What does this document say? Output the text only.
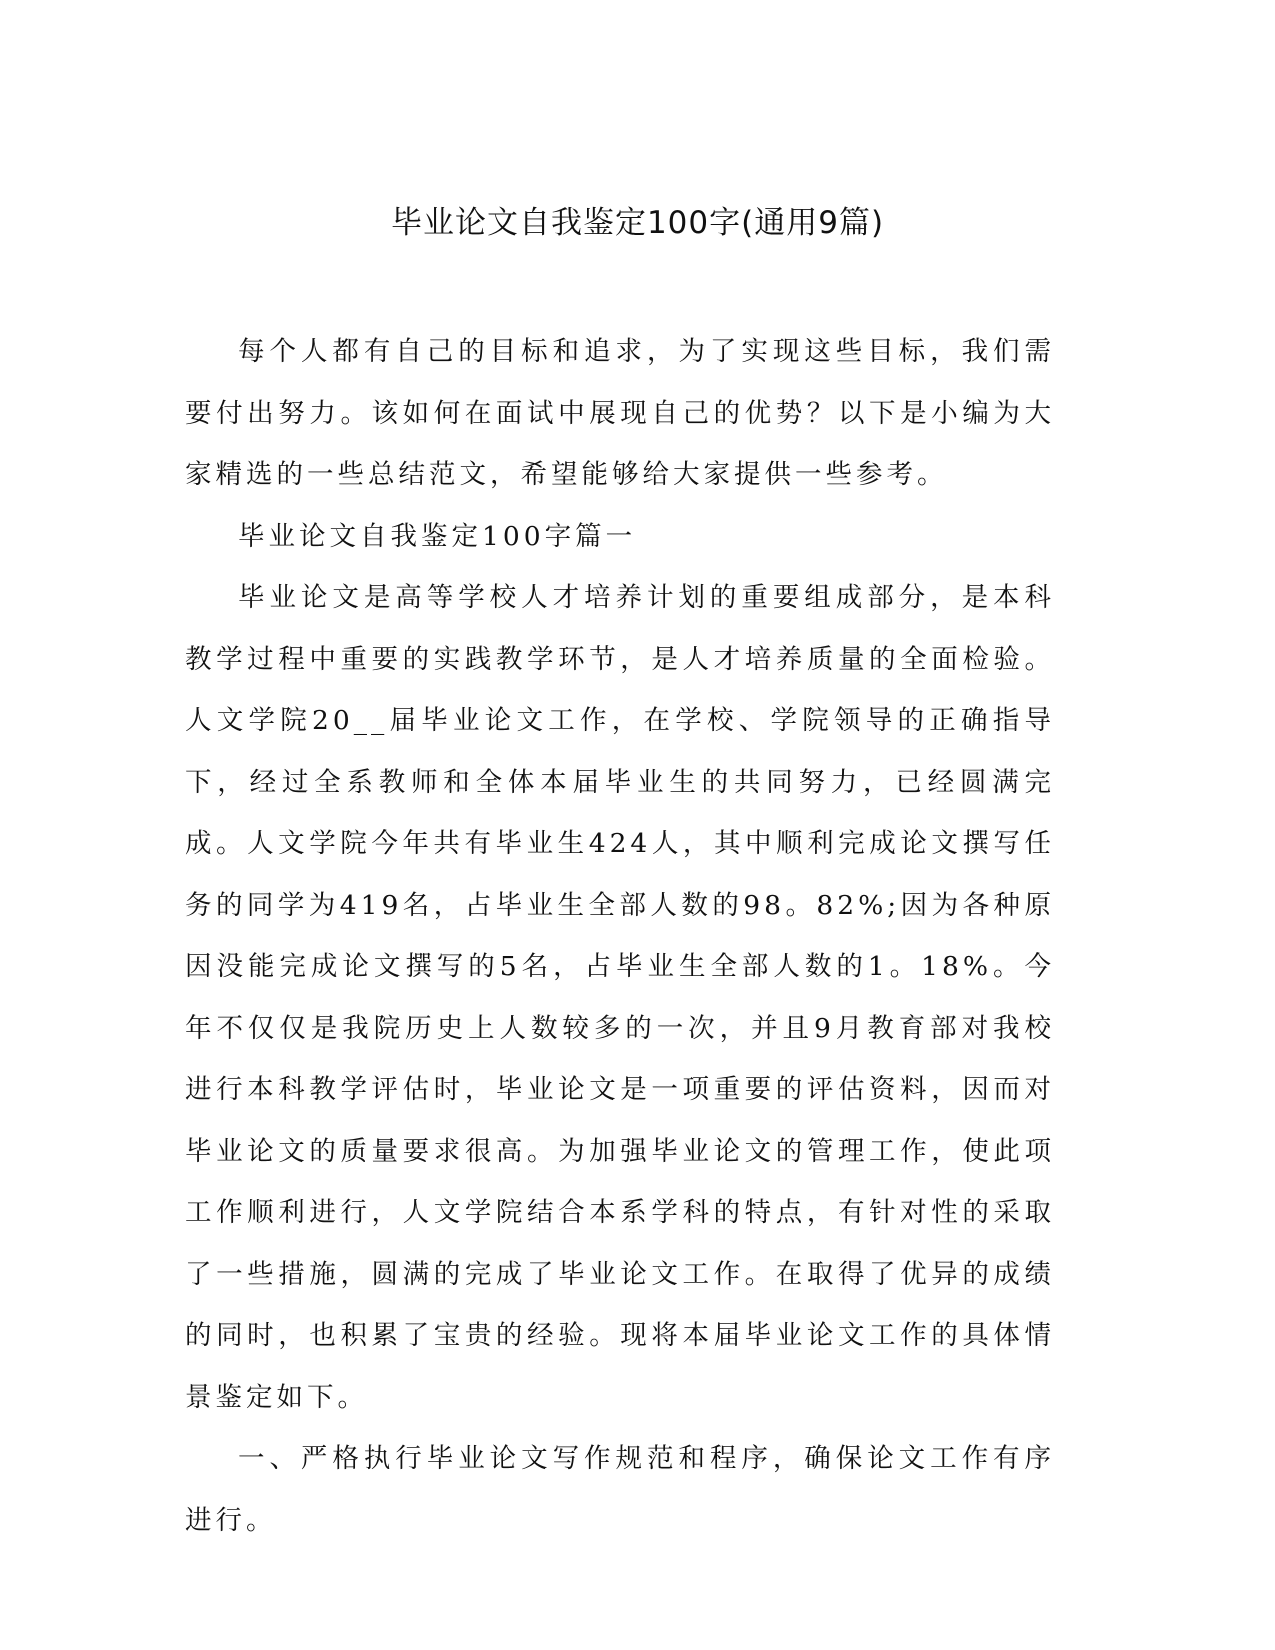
毕业论文自我鉴定100字(通用9篇)

每个人都有自己的目标和追求，为了实现这些目标，我们需要付出努力。该如何在面试中展现自己的优势？以下是小编为大家精选的一些总结范文，希望能够给大家提供一些参考。

毕业论文自我鉴定100字篇一

毕业论文是高等学校人才培养计划的重要组成部分，是本科教学过程中重要的实践教学环节，是人才培养质量的全面检验。人文学院20__届毕业论文工作，在学校、学院领导的正确指导下，经过全系教师和全体本届毕业生的共同努力，已经圆满完成。人文学院今年共有毕业生424人，其中顺利完成论文撰写任务的同学为419名，占毕业生全部人数的98。82%;因为各种原因没能完成论文撰写的5名，占毕业生全部人数的1。18%。今年不仅仅是我院历史上人数较多的一次，并且9月教育部对我校进行本科教学评估时，毕业论文是一项重要的评估资料，因而对毕业论文的质量要求很高。为加强毕业论文的管理工作，使此项工作顺利进行，人文学院结合本系学科的特点，有针对性的采取了一些措施，圆满的完成了毕业论文工作。在取得了优异的成绩的同时，也积累了宝贵的经验。现将本届毕业论文工作的具体情景鉴定如下。

一、严格执行毕业论文写作规范和程序，确保论文工作有序进行。
